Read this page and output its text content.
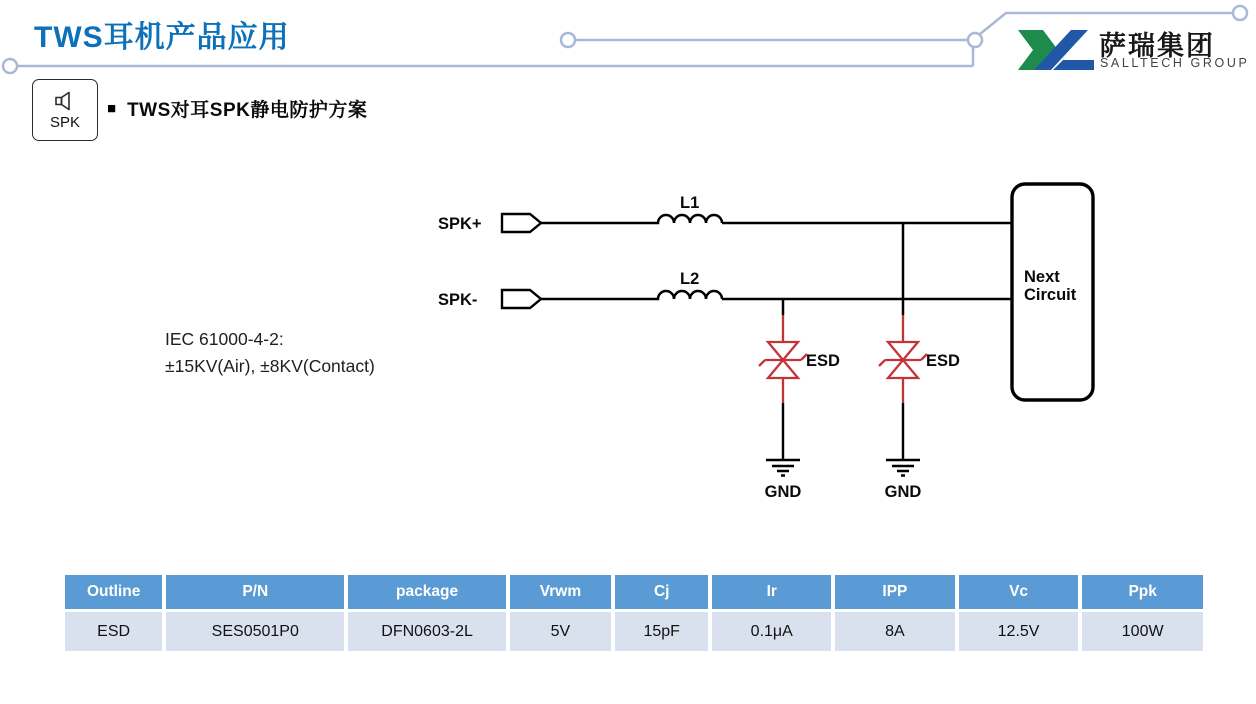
TWS耳机产品应用	萨瑞集团
SALLTECH GROUP
SPK
■ TWS对耳SPK静电防护方案
IEC 61000-4-2:
±15KV(Air), ±8KV(Contact)
SPK+
L1
SPK-
L2
ESD	ESD
GND	GND
Next
Circuit
Outline	P/N	package	Vrwm	Cj	Ir	IPP	Vc	Ppk
ESD	SES0501P0	DFN0603-2L	5V	15pF	0.1μA	8A	12.5V	100W
